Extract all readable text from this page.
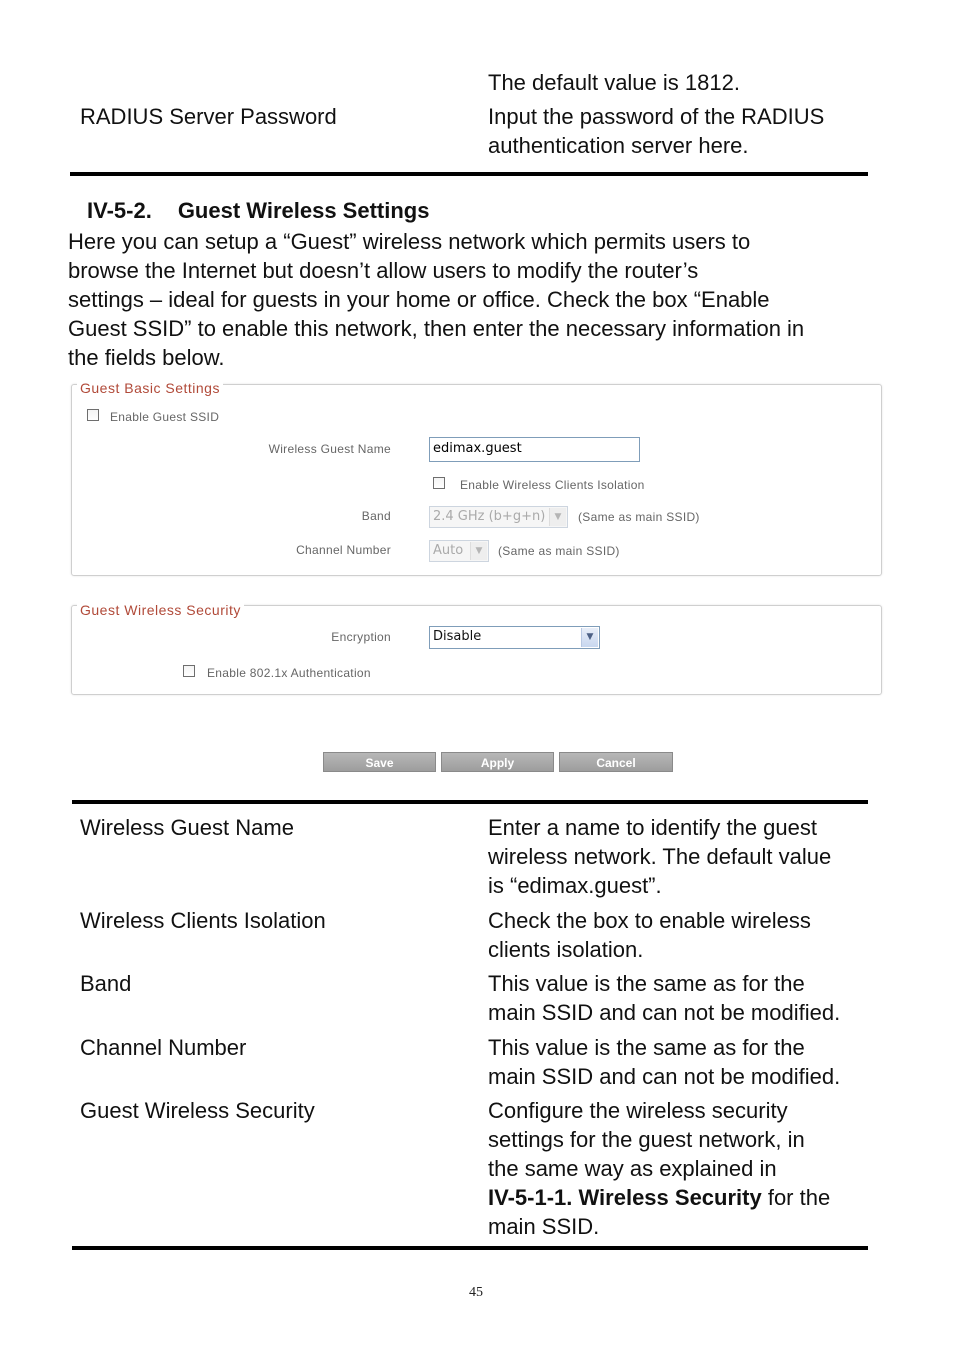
The default value is 1812.
RADIUS Server Password	Input the password of the RADIUS
authentication server here.
IV-5-2. Guest Wireless Settings
Here you can setup a “Guest” wireless network which permits users to
browse the Internet but doesn’t allow users to modify the router’s
settings – ideal for guests in your home or office. Check the box “Enable
Guest SSID” to enable this network, then enter the necessary information in
the fields below.
Guest Basic Settings
Enable Guest SSID
Wireless Guest Name	edimax.guest
Enable Wireless Clients Isolation
Band	2.4 GHz (b+g+n)	▼	(Same as main SSID)
Channel Number	Auto	▼	(Same as main SSID)
Guest Wireless Security
Encryption	Disable	▼
Enable 802.1x Authentication
Save	Apply	Cancel
Wireless Guest Name	Enter a name to identify the guest
wireless network. The default value
is “edimax.guest”.
Wireless Clients Isolation	Check the box to enable wireless
clients isolation.
Band	This value is the same as for the
main SSID and can not be modified.
Channel Number	This value is the same as for the
main SSID and can not be modified.
Guest Wireless Security	Configure the wireless security
settings for the guest network, in
the same way as explained in
IV-5-1-1. Wireless Security for the
main SSID.
45
